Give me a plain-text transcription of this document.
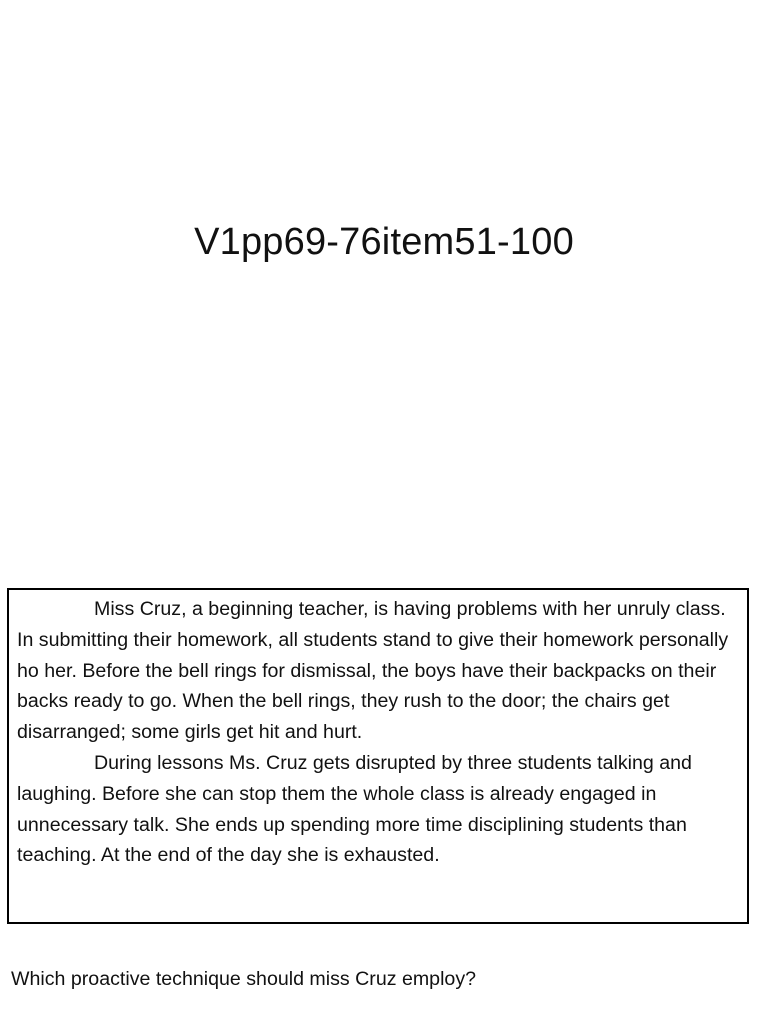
V1pp69-76item51-100

Miss Cruz, a beginning teacher, is having problems with her unruly class. In submitting their homework, all students stand to give their homework personally ho her. Before the bell rings for dismissal, the boys have their backpacks on their backs ready to go. When the bell rings, they rush to the door; the chairs get disarranged; some girls get hit and hurt.

During lessons Ms. Cruz gets disrupted by three students talking and laughing. Before she can stop them the whole class is already engaged in unnecessary talk. She ends up spending more time disciplining students than teaching. At the end of the day she is exhausted.

Which proactive technique should miss Cruz employ?
